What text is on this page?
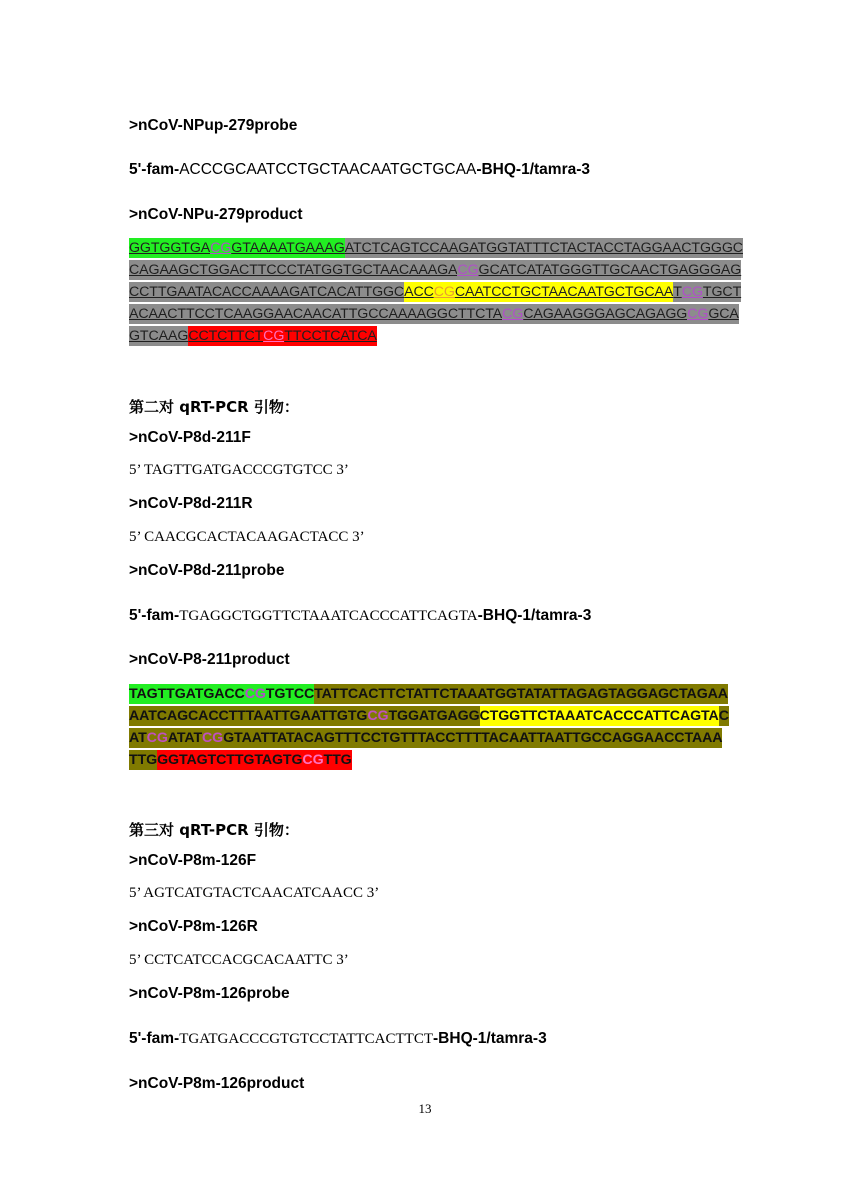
>nCoV-NPup-279probe
5'-fam-ACCCGCAATCCTGCTAACAATGCTGCAA-BHQ-1/tamra-3
>nCoV-NPu-279product
GGTGGTGACGGTAAAATGAAAGATCTCAGTCCAAGATGGTATTTCTACTACCTAGGAACTGGGC
CAGAAGCTGGACTTCCCTATGGTGCTAACAAAGACGGCATCATATGGGTTGCAACTGAGGGAG
CCTTGAATACACCAAAAGATCACATTGGCACCCGCAATCCTGCTAACAATGCTGCAATCGTGCT
ACAACTTCCTCAAGGAACAACATTGCCAAAAGGCTTCTACGCAGAAGGGAGCAGAGGCGGCA
GTCAAGCCTCTTCTCGTTCCTCATCA
第二对 qRT-PCR 引物：
>nCoV-P8d-211F
5’ TAGTTGATGACCCGTGTCC 3’
>nCoV-P8d-211R
5’ CAACGCACTACAAGACTACC 3’
>nCoV-P8d-211probe
5'-fam-TGAGGCTGGTTCTAAATCACCCATTCAGTA-BHQ-1/tamra-3
>nCoV-P8-211product
TAGTTGATGACCCGTGTCCTATTCACTTCTATTCTAAATGGTATATTAGAGTAGGAGCTAGAA
AATCAGCACCTTTAATTGAATTGTGCGTGGATGAGGCTGGTTCTAAATCACCCATTCAGTAC
ATCGATATCGGTAATTATACAGTTTCCTGTTTACCTTTTACAATTAATTGCCAGGAACCTAAA
TTGGGTAGTCTTGTAGTGCGTTG
第三对 qRT-PCR 引物：
>nCoV-P8m-126F
5’ AGTCATGTACTCAACATCAACC 3’
>nCoV-P8m-126R
5’ CCTCATCCACGCACAATTC 3’
>nCoV-P8m-126probe
5'-fam-TGATGACCCGTGTCCTATTCACTTCT-BHQ-1/tamra-3
>nCoV-P8m-126product
13
